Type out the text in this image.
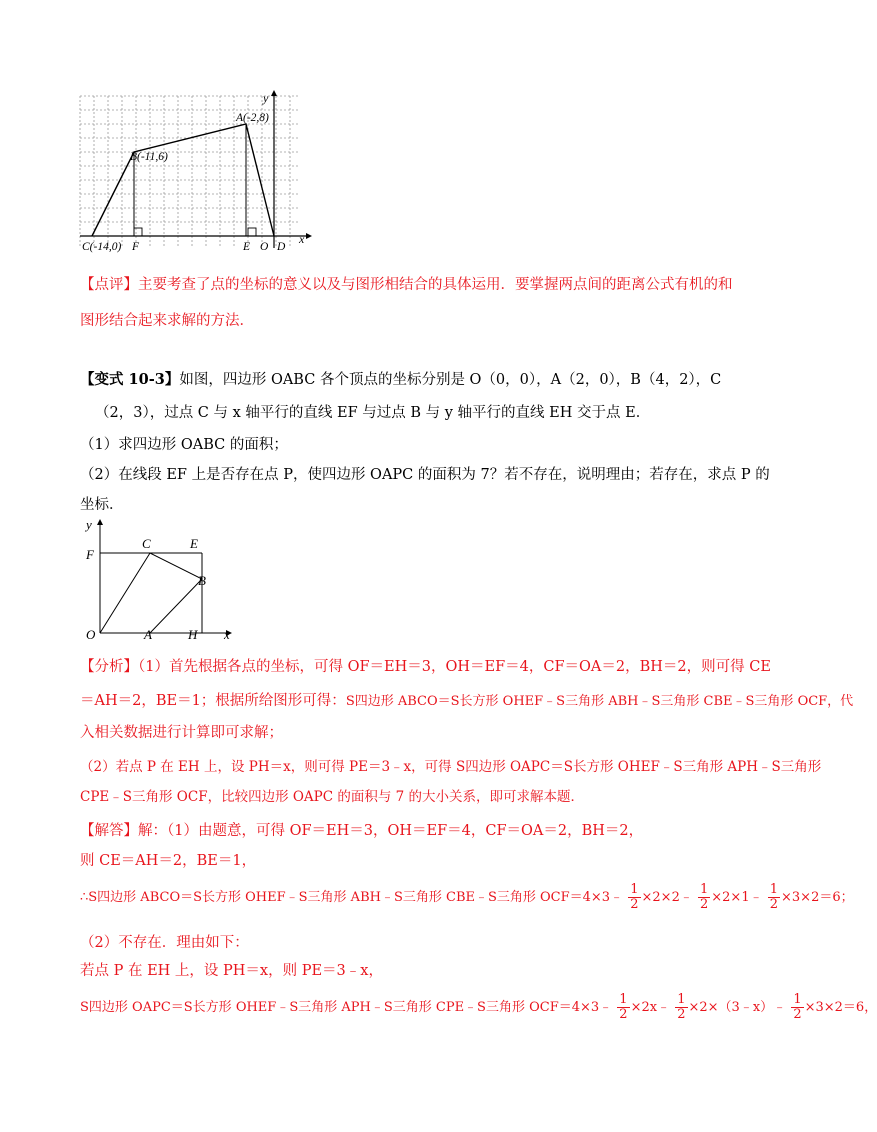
y
x
A(-2,8)
B(-11,6)
C(-14,0) F	E O D
【点评】主要考查了点的坐标的意义以及与图形相结合的具体运用．要掌握两点间的距离公式有机的和
图形结合起来求解的方法．
【变式 10-3】如图，四边形 OABC 各个顶点的坐标分别是 O（0，0），A（2，0），B（4，2），C
（2，3），过点 C 与 x 轴平行的直线 EF 与过点 B 与 y 轴平行的直线 EH 交于点 E．
（1）求四边形 OABC 的面积；
（2）在线段 EF 上是否存在点 P，使四边形 OAPC 的面积为 7？若不存在，说明理由；若存在，求点 P 的
坐标．
y
F
C	E
B
O	A	H x
【分析】（1）首先根据各点的坐标，可得 OF＝EH＝3，OH＝EF＝4，CF＝OA＝2，BH＝2，则可得 CE
＝AH＝2，BE＝1；根据所给图形可得：S四边形 ABCO＝S长方形 OHEF﹣S三角形 ABH﹣S三角形 CBE﹣S三角形 OCF，代
入相关数据进行计算即可求解；
（2）若点 P 在 EH 上，设 PH＝x，则可得 PE＝3﹣x，可得 S四边形 OAPC＝S长方形 OHEF﹣S三角形 APH﹣S三角形
CPE﹣S三角形 OCF，比较四边形 OAPC 的面积与 7 的大小关系，即可求解本题．
【解答】解：（1）由题意，可得 OF＝EH＝3，OH＝EF＝4，CF＝OA＝2，BH＝2，
则 CE＝AH＝2，BE＝1，
∴S四边形 ABCO＝S长方形 OHEF﹣S三角形 ABH﹣S三角形 CBE﹣S三角形 OCF＝4×3﹣ $\frac{1}{2}$ ×2×2﹣ $\frac{1}{2}$ ×2×1﹣ $\frac{1}{2} \times 3\times 2=6$；
（2）不存在．理由如下：
若点 P 在 EH 上，设 PH＝x，则 PE＝3﹣x，
S四边形 OAPC＝S长方形 OHEF﹣S三角形 APH﹣S三角形 CPE﹣S三角形 OCF＝4×3﹣ $\frac{1}{2}$ ×2x﹣ $\frac{1}{2}$ ×2×（3﹣x）﹣ $\frac{1}{2} \times 3\times 2=6$，
